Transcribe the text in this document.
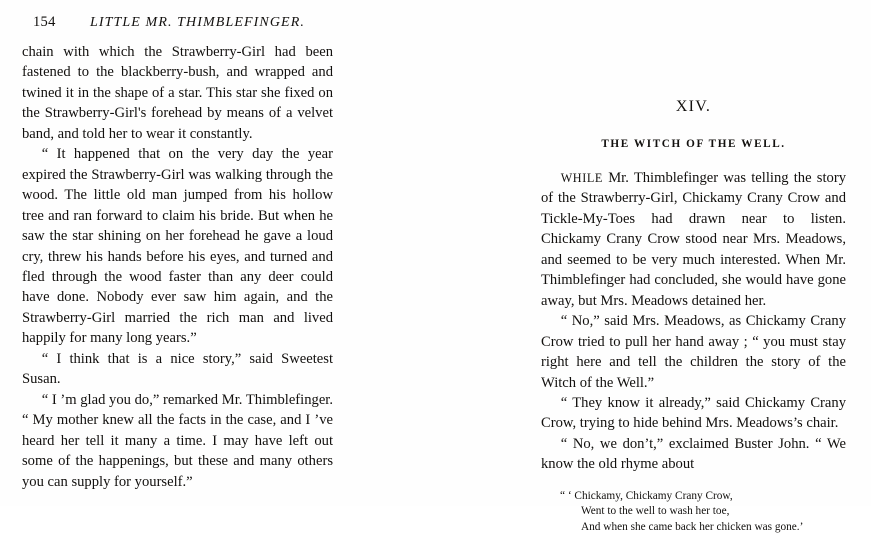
154 LITTLE MR. THIMBLEFINGER.

chain with which the Strawberry-Girl had been fastened to the blackberry-bush, and wrapped and twined it in the shape of a star. This star she fixed on the Strawberry-Girl's forehead by means of a velvet band, and told her to wear it constantly.

“ It happened that on the very day the year expired the Strawberry-Girl was walking through the wood. The little old man jumped from his hollow tree and ran forward to claim his bride. But when he saw the star shining on her forehead he gave a loud cry, threw his hands before his eyes, and turned and fled through the wood faster than any deer could have done. Nobody ever saw him again, and the Strawberry-Girl married the rich man and lived happily for many long years.”

“ I think that is a nice story,” said Sweetest Susan.

“ I ’m glad you do,” remarked Mr. Thimblefinger. “ My mother knew all the facts in the case, and I ’ve heard her tell it many a time. I may have left out some of the happenings, but these and many others you can supply for yourself.”

XIV.

THE WITCH OF THE WELL.

WHILE Mr. Thimblefinger was telling the story of the Strawberry-Girl, Chickamy Crany Crow and Tickle-My-Toes had drawn near to listen. Chickamy Crany Crow stood near Mrs. Meadows, and seemed to be very much interested. When Mr. Thimblefinger had concluded, she would have gone away, but Mrs. Meadows detained her.

“ No,” said Mrs. Meadows, as Chickamy Crany Crow tried to pull her hand away ; “ you must stay right here and tell the children the story of the Witch of the Well.”

“ They know it already,” said Chickamy Crany Crow, trying to hide behind Mrs. Meadows’s chair.

“ No, we don’t,” exclaimed Buster John. “ We know the old rhyme about

“ ‘ Chickamy, Chickamy Crany Crow,
Went to the well to wash her toe,
And when she came back her chicken was gone.’
